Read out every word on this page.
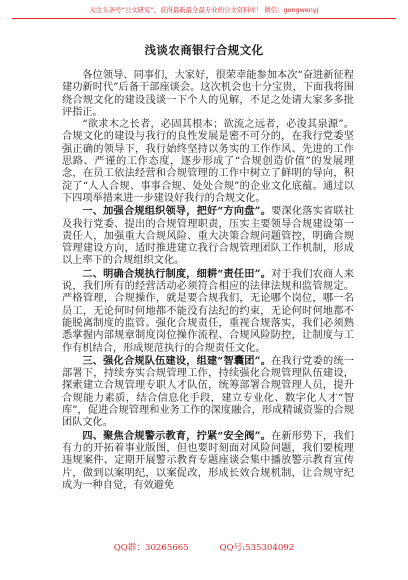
关注头条号“公文研究”，获得最新最全最专业的公文资料库！ 微信：gongwenyj
浅谈农商银行合规文化

各位领导、同事们，大家好，很荣幸能参加本次“奋进新征程　　　建功新时代”后备干部座谈会。这次机会也十分宝贵，下面我将围绕合规文化的建设浅谈一下个人的见解，不足之处请大家多多批评指正。

“欲求木之长者，必固其根本；欲流之远者，必浚其泉源”。合规文化的建设与我行的良性发展是密不可分的，在我行党委坚强正确的领导下，我行始终坚持以务实的工作作风、先进的工作思路、严谨的工作态度，逐步形成了“合规创造价值”的发展理念，在员工依法经营和合规管理的工作中树立了鲜明的导向，积淀了“人人合规、事事合规、处处合规”的企业文化底蕴。通过以下四项举措来进一步建设好我行的合规文化。

一、加强合规组织领导，把好“方向盘”。要深化落实省联社及我行党委、提出的合规管理职责，压实主要领导合规建设第一责任人，加强重大合规风险、重大决策合规问题管控，明确合规管理建设方向，适时推进建立我行合规管理团队工作机制，形成以上率下的合规组织文化。

二、明确合规执行制度，细耕“责任田”。对于我们农商人来说，我们所有的经营活动必须符合相应的法律法规和监管规定。严格管理，合规操作，就是要合规我们，无论哪个岗位，哪一名员工，无论何时何地都不能没有法纪的约束，无论何时何地都不能脱离制度的监管。强化合规责任，重视合规落实，我们必须熟悉掌握内部规章制度岗位操作流程、合规风险防控，让制度与工作有机结合，形成规范执行的合规责任文化。

三、强化合规队伍建设，组建“智囊团”。在我行党委的统一部署下，持续夯实合规管理工作，持续强化合规管理队伍建设，探索建立合规管理专职人才队伍，统筹部署合规管理人员，提升合规能力素质，结合信息化手段，建立专业化、数字化人才“智库”，促进合规管理和业务工作的深度融合，形成精诚资鉴的合规团队文化。

四、聚焦合规警示教育，拧紧“安全阀”。在新形势下，我们有力的开拓着事业版图，但也要时刻面对风险问题，我们要梳理违规案件、定期开展警示教育专题座谈会集中播放警示教育宣传片，做到以案明纪，以案促改，形成长效合规机制，让合规守纪成为一种自觉，有效避免

QQ群：30265665	QQ号:535304092
